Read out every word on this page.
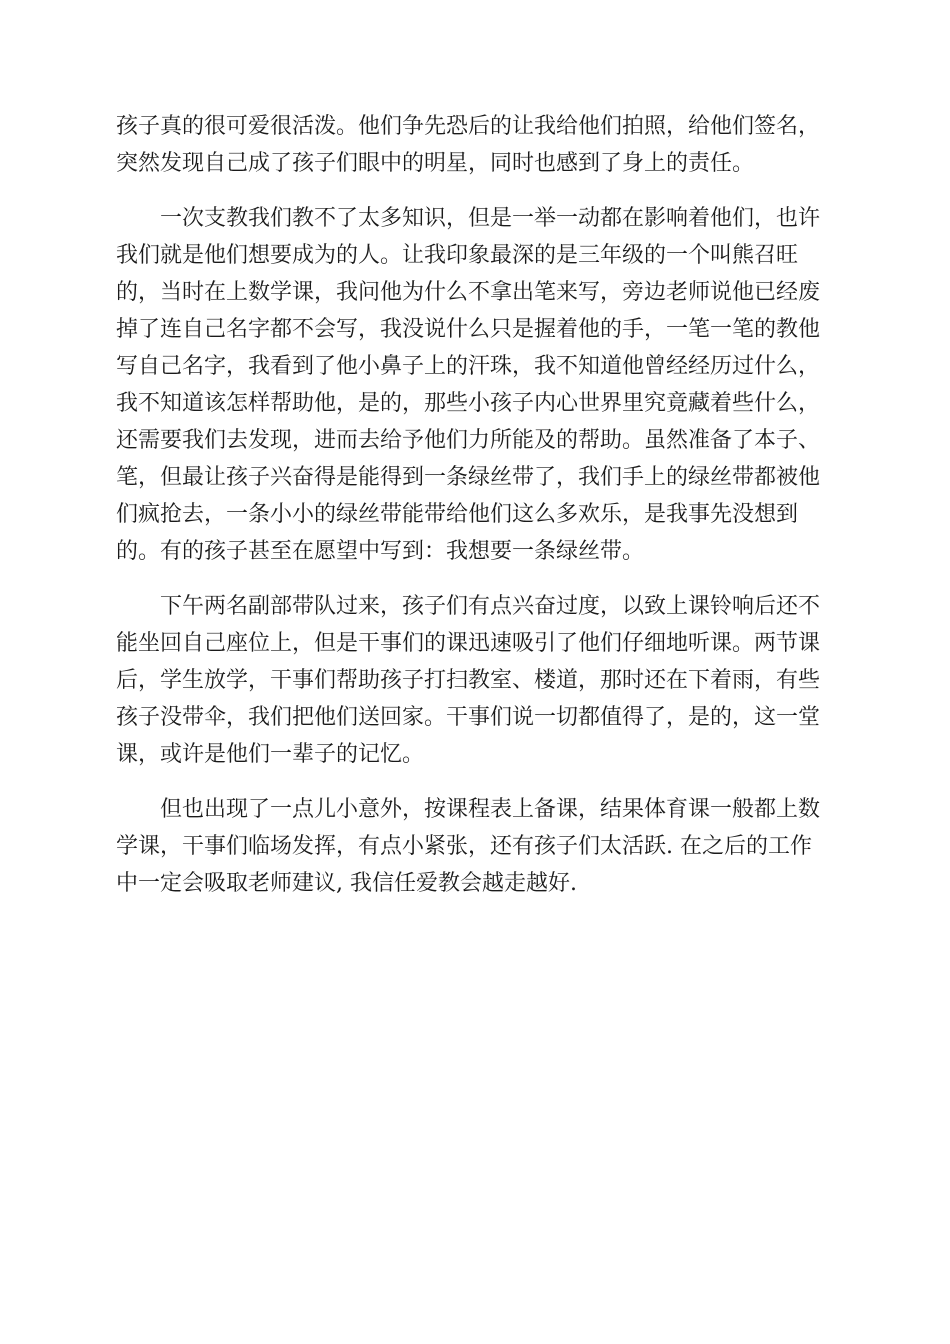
孩子真的很可爱很活泼。他们争先恐后的让我给他们拍照，给他们签名，
突然发现自己成了孩子们眼中的明星，同时也感到了身上的责任。

一次支教我们教不了太多知识，但是一举一动都在影响着他们，也许
我们就是他们想要成为的人。让我印象最深的是三年级的一个叫熊召旺
的，当时在上数学课，我问他为什么不拿出笔来写，旁边老师说他已经废
掉了连自己名字都不会写，我没说什么只是握着他的手，一笔一笔的教他
写自己名字，我看到了他小鼻子上的汗珠，我不知道他曾经经历过什么，
我不知道该怎样帮助他，是的，那些小孩子内心世界里究竟藏着些什么，
还需要我们去发现，进而去给予他们力所能及的帮助。虽然准备了本子、
笔，但最让孩子兴奋得是能得到一条绿丝带了，我们手上的绿丝带都被他
们疯抢去，一条小小的绿丝带能带给他们这么多欢乐，是我事先没想到
的。有的孩子甚至在愿望中写到：我想要一条绿丝带。

下午两名副部带队过来，孩子们有点兴奋过度，以致上课铃响后还不
能坐回自己座位上，但是干事们的课迅速吸引了他们仔细地听课。两节课
后，学生放学，干事们帮助孩子打扫教室、楼道，那时还在下着雨，有些
孩子没带伞，我们把他们送回家。干事们说一切都值得了，是的，这一堂
课，或许是他们一辈子的记忆。

但也出现了一点儿小意外，按课程表上备课，结果体育课一般都上数
学课，干事们临场发挥，有点小紧张，还有孩子们太活跃. 在之后的工作
中一定会吸取老师建议, 我信任爱教会越走越好.
